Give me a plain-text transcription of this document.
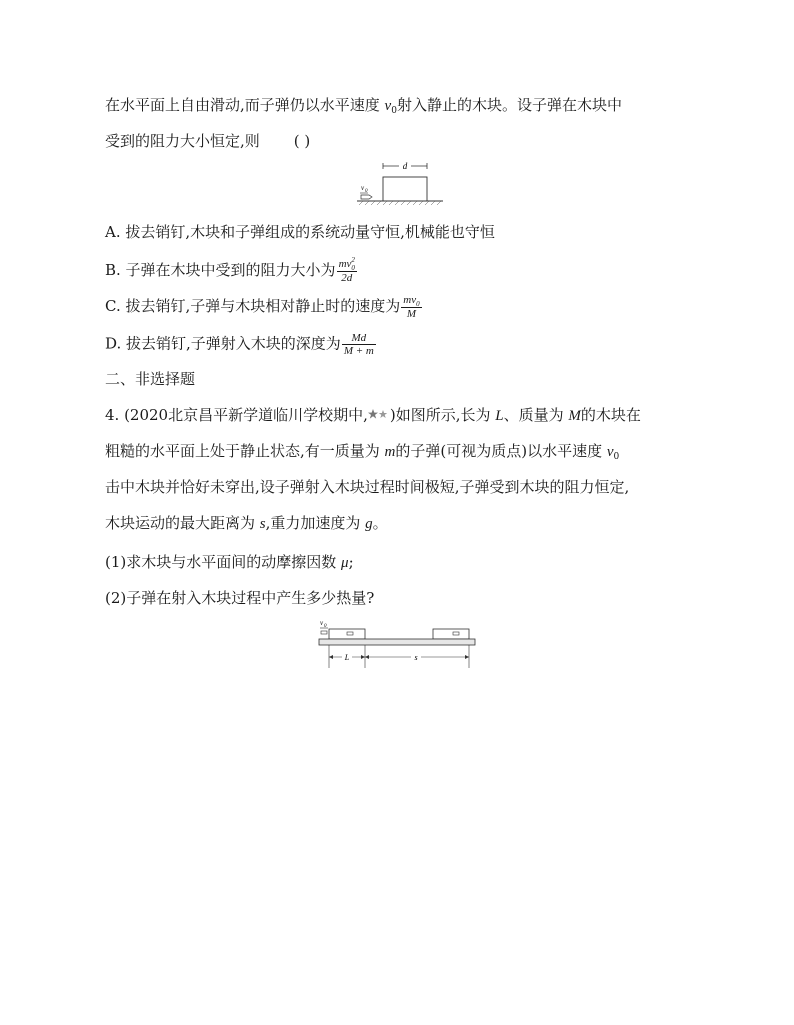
在水平面上自由滑动,而子弹仍以水平速度 $v_0$射入静止的木块。设子弹在木块中
受到的阻力大小恒定,则 ( )
d
v 0
A. 拔去销钉,木块和子弹组成的系统动量守恒,机械能也守恒
B. 子弹在木块中受到的阻力大小为 mv 2
$_0$
2d
C. 拔去销钉,子弹与木块相对静止时的速度为 $\frac{mv_0}{M}$
D. 拔去销钉,子弹射入木块的深度为 $\frac{Md}{M + m}$
二、非选择题
4. (2020北京昌平新学道临川学校期中, )如图所示,长为 L、质量为 M的木块在
粗糙的水平面上处于静止状态,有一质量为 m的子弹(可视为质点)以水平速度 $v_0$
击中木块并恰好未穿出,设子弹射入木块过程时间极短,子弹受到木块的阻力恒定,
木块运动的最大距离为 s,重力加速度为 g。
(1)求木块与水平面间的动摩擦因数 μ;
(2)子弹在射入木块过程中产生多少热量?
v 0
L	s
